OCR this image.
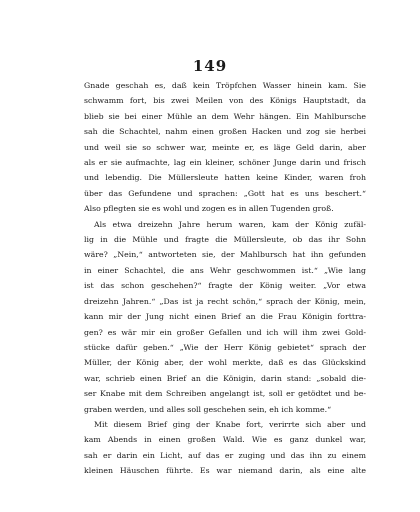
149
Gnade geschah es, daß kein Tröpfchen Wasser hinein kam. Sie
schwamm fort, bis zwei Meilen von des Königs Hauptstadt, da
blieb sie bei einer Mühle an dem Wehr hängen. Ein Mahlbursche
sah die Schachtel, nahm einen großen Hacken und zog sie herbei
und weil sie so schwer war, meinte er, es läge Geld darin, aber
als er sie aufmachte, lag ein kleiner, schöner Junge darin und frisch
und lebendig. Die Müllersleute hatten keine Kinder, waren froh
über das Gefundene und sprachen: „Gott hat es uns beschert.“
Also pflegten sie es wohl und zogen es in allen Tugenden groß.
Als etwa dreizehn Jahre herum waren, kam der König zufäl-
lig in die Mühle und fragte die Müllersleute, ob das ihr Sohn
wäre? „Nein,“ antworteten sie, der Mahlbursch hat ihn gefunden
in einer Schachtel, die ans Wehr geschwommen ist.“ „Wie lang
ist das schon geschehen?“ fragte der König weiter. „Vor etwa
dreizehn Jahren.“ „Das ist ja recht schön,“ sprach der König, mein,
kann mir der Jung nicht einen Brief an die Frau Königin forttra-
gen? es wär mir ein großer Gefallen und ich will ihm zwei Gold-
stücke dafür geben.“ „Wie der Herr König gebietet“ sprach der
Müller, der König aber, der wohl merkte, daß es das Glückskind
war, schrieb einen Brief an die Königin, darin stand: „sobald die-
ser Knabe mit dem Schreiben angelangt ist, soll er getödtet und be-
graben werden, und alles soll geschehen sein, eh ich komme.“
Mit diesem Brief ging der Knabe fort, verirrte sich aber und
kam Abends in einen großen Wald. Wie es ganz dunkel war,
sah er darin ein Licht, auf das er zuging und das ihn zu einem
kleinen Häuschen führte. Es war niemand darin, als eine alte
